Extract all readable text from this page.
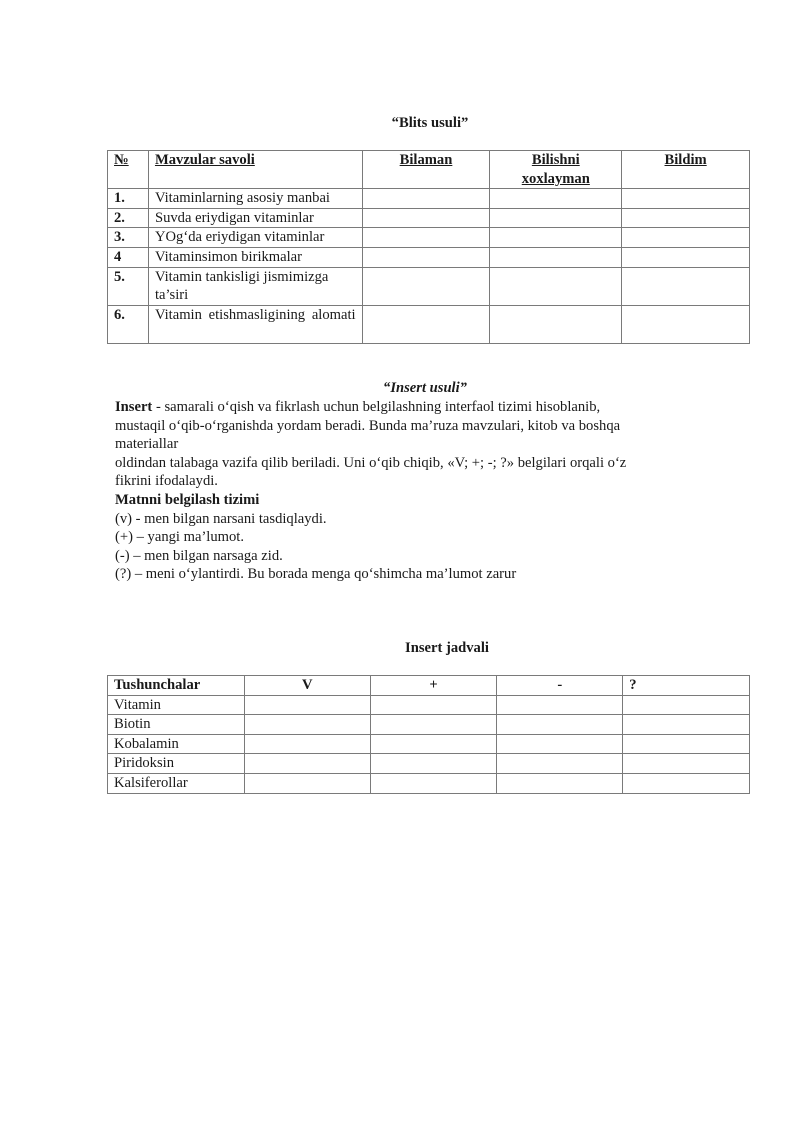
“Blits usuli”
№	Mavzular savoli	Bilaman	Bilishni xoxlayman	Bildim
1.	Vitaminlarning asosiy manbai			
2.	Suvda eriydigan vitaminlar			
3.	YOg‘da eriydigan vitaminlar			
4	Vitaminsimon birikmalar			
5.	Vitamin tankisligi jismimizga ta’siri			
6.	Vitamin etishmasligining alomati			
“Insert usuli”

Insert - samarali o‘qish va fikrlash uchun belgilashning interfaol tizimi hisoblanib,

mustaqil o‘qib-o‘rganishda yordam beradi. Bunda ma’ruza mavzulari, kitob va boshqa

materiallar

oldindan talabaga vazifa qilib beriladi. Uni o‘qib chiqib, «V; +; -; ?» belgilari orqali o‘z

fikrini ifodalaydi.

Matnni belgilash tizimi

(v) - men bilgan narsani tasdiqlaydi.

(+) – yangi ma’lumot.

(-) – men bilgan narsaga zid.

(?) – meni o‘ylantirdi. Bu borada menga qo‘shimcha ma’lumot zarur

Insert jadvali
Tushunchalar	V	+	-	?
Vitamin				
Biotin				
Kobalamin				
Piridoksin				
Kalsiferollar				
